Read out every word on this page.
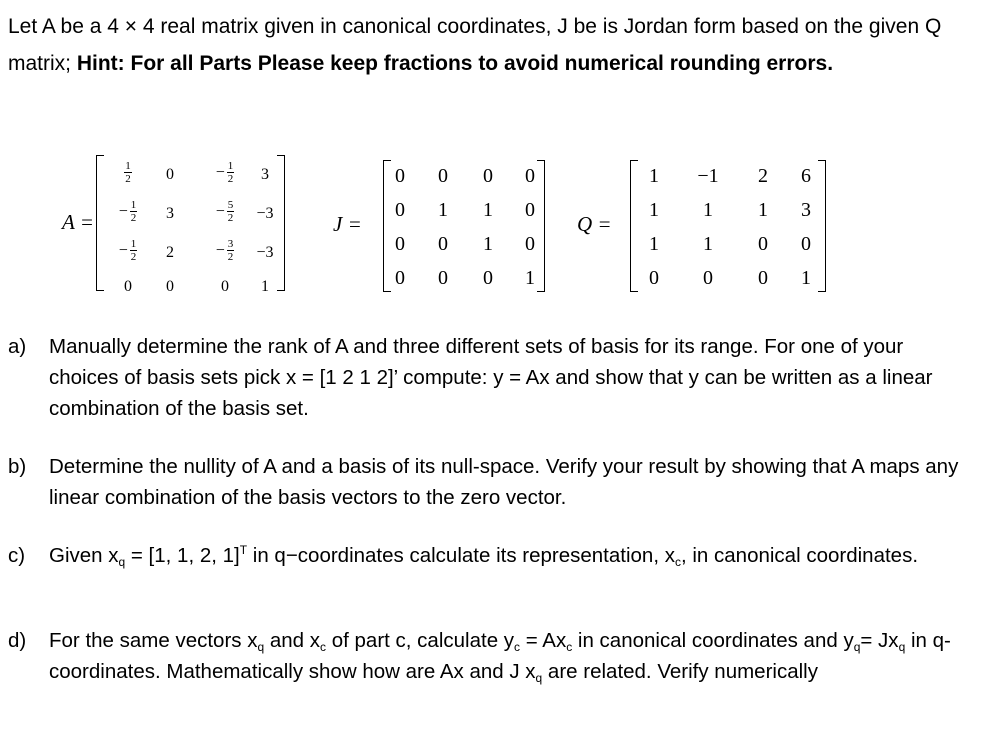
Let A be a 4 × 4 real matrix given in canonical coordinates, J be is Jordan form based on the given Q matrix; Hint: For all Parts Please keep fractions to avoid numerical rounding errors.
A =
$\frac{1}{2}$	0	− $\frac{1}{2}$	3
− $\frac{1}{2}$	3	− $\frac{5}{2}$	−3
− $\frac{1}{2}$	2	− $\frac{3}{2}$	−3
0	0	0	1
J =
0	0	0	0
0	1	1	0
0	0	1	0
0	0	0	1
Q =
1	−1	2	6
1	1	1	3
1	1	0	0
0	0	0	1
a) Manually determine the rank of A and three different sets of basis for its range. For one of your choices of basis sets pick x = [1 2 1 2]’ compute: y = Ax and show that y can be written as a linear combination of the basis set.
b) Determine the nullity of A and a basis of its null-space. Verify your result by showing that A maps any linear combination of the basis vectors to the zero vector.
c) Given $x_q = [1$, 1, 2, 1]$^T$ in q−coordinates calculate its representation, $x_c$, in canonical coordinates.
d) For the same vectors $x_q$ and $x_c$ of part c, calculate $y_c = Ax_c$ in canonical coordinates and $y_q= Jx_q$ in q-coordinates. Mathematically show how are Ax and J $x_q$ are related. Verify numerically
